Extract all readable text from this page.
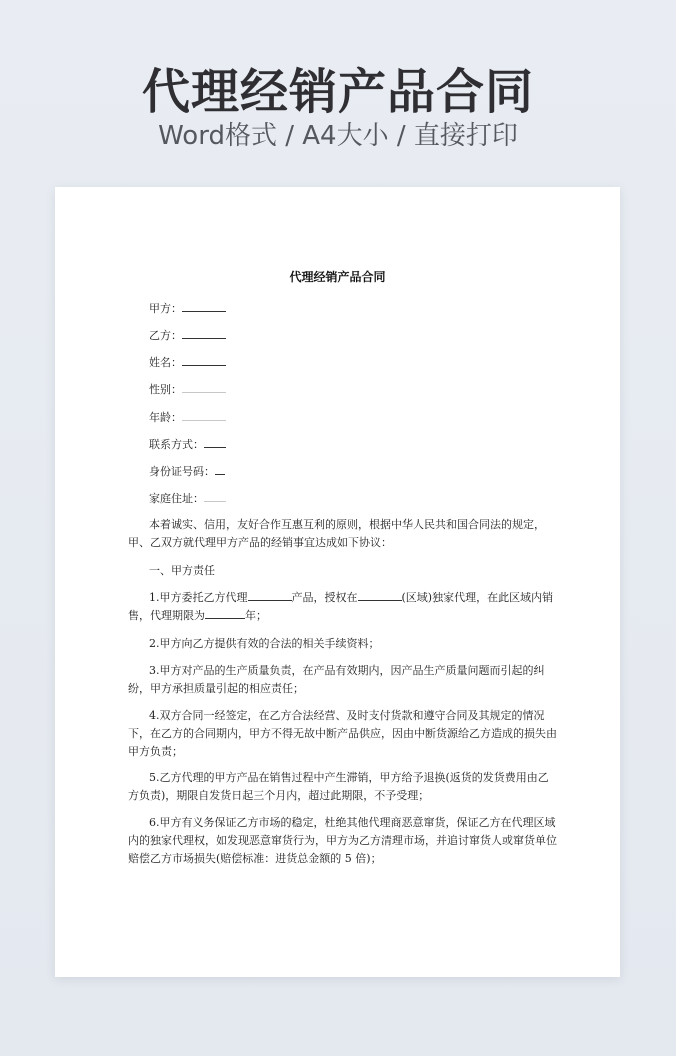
代理经销产品合同
Word格式 / A4大小 / 直接打印
代理经销产品合同
甲方：
乙方：
姓名：
性别：
年龄：
联系方式：
身份证号码：
家庭住址：
本着诚实、信用，友好合作互惠互利的原则，根据中华人民共和国合同法的规定，甲、乙双方就代理甲方产品的经销事宜达成如下协议：
一、甲方责任
1.甲方委托乙方代理	产品，授权在	(区域)独家代理，在此区域内销售，代理期限为	年；
2.甲方向乙方提供有效的合法的相关手续资料；
3.甲方对产品的生产质量负责，在产品有效期内，因产品生产质量问题而引起的纠纷，甲方承担质量引起的相应责任；
4.双方合同一经签定，在乙方合法经营、及时支付货款和遵守合同及其规定的情况下，在乙方的合同期内，甲方不得无故中断产品供应，因由中断货源给乙方造成的损失由甲方负责；
5.乙方代理的甲方产品在销售过程中产生滞销，甲方给予退换(返货的发货费用由乙方负责)，期限自发货日起三个月内，超过此期限，不予受理；
6.甲方有义务保证乙方市场的稳定，杜绝其他代理商恶意窜货，保证乙方在代理区域内的独家代理权，如发现恶意窜货行为，甲方为乙方清理市场，并追讨窜货人或窜货单位赔偿乙方市场损失(赔偿标准：进货总金额的 5 倍)；
